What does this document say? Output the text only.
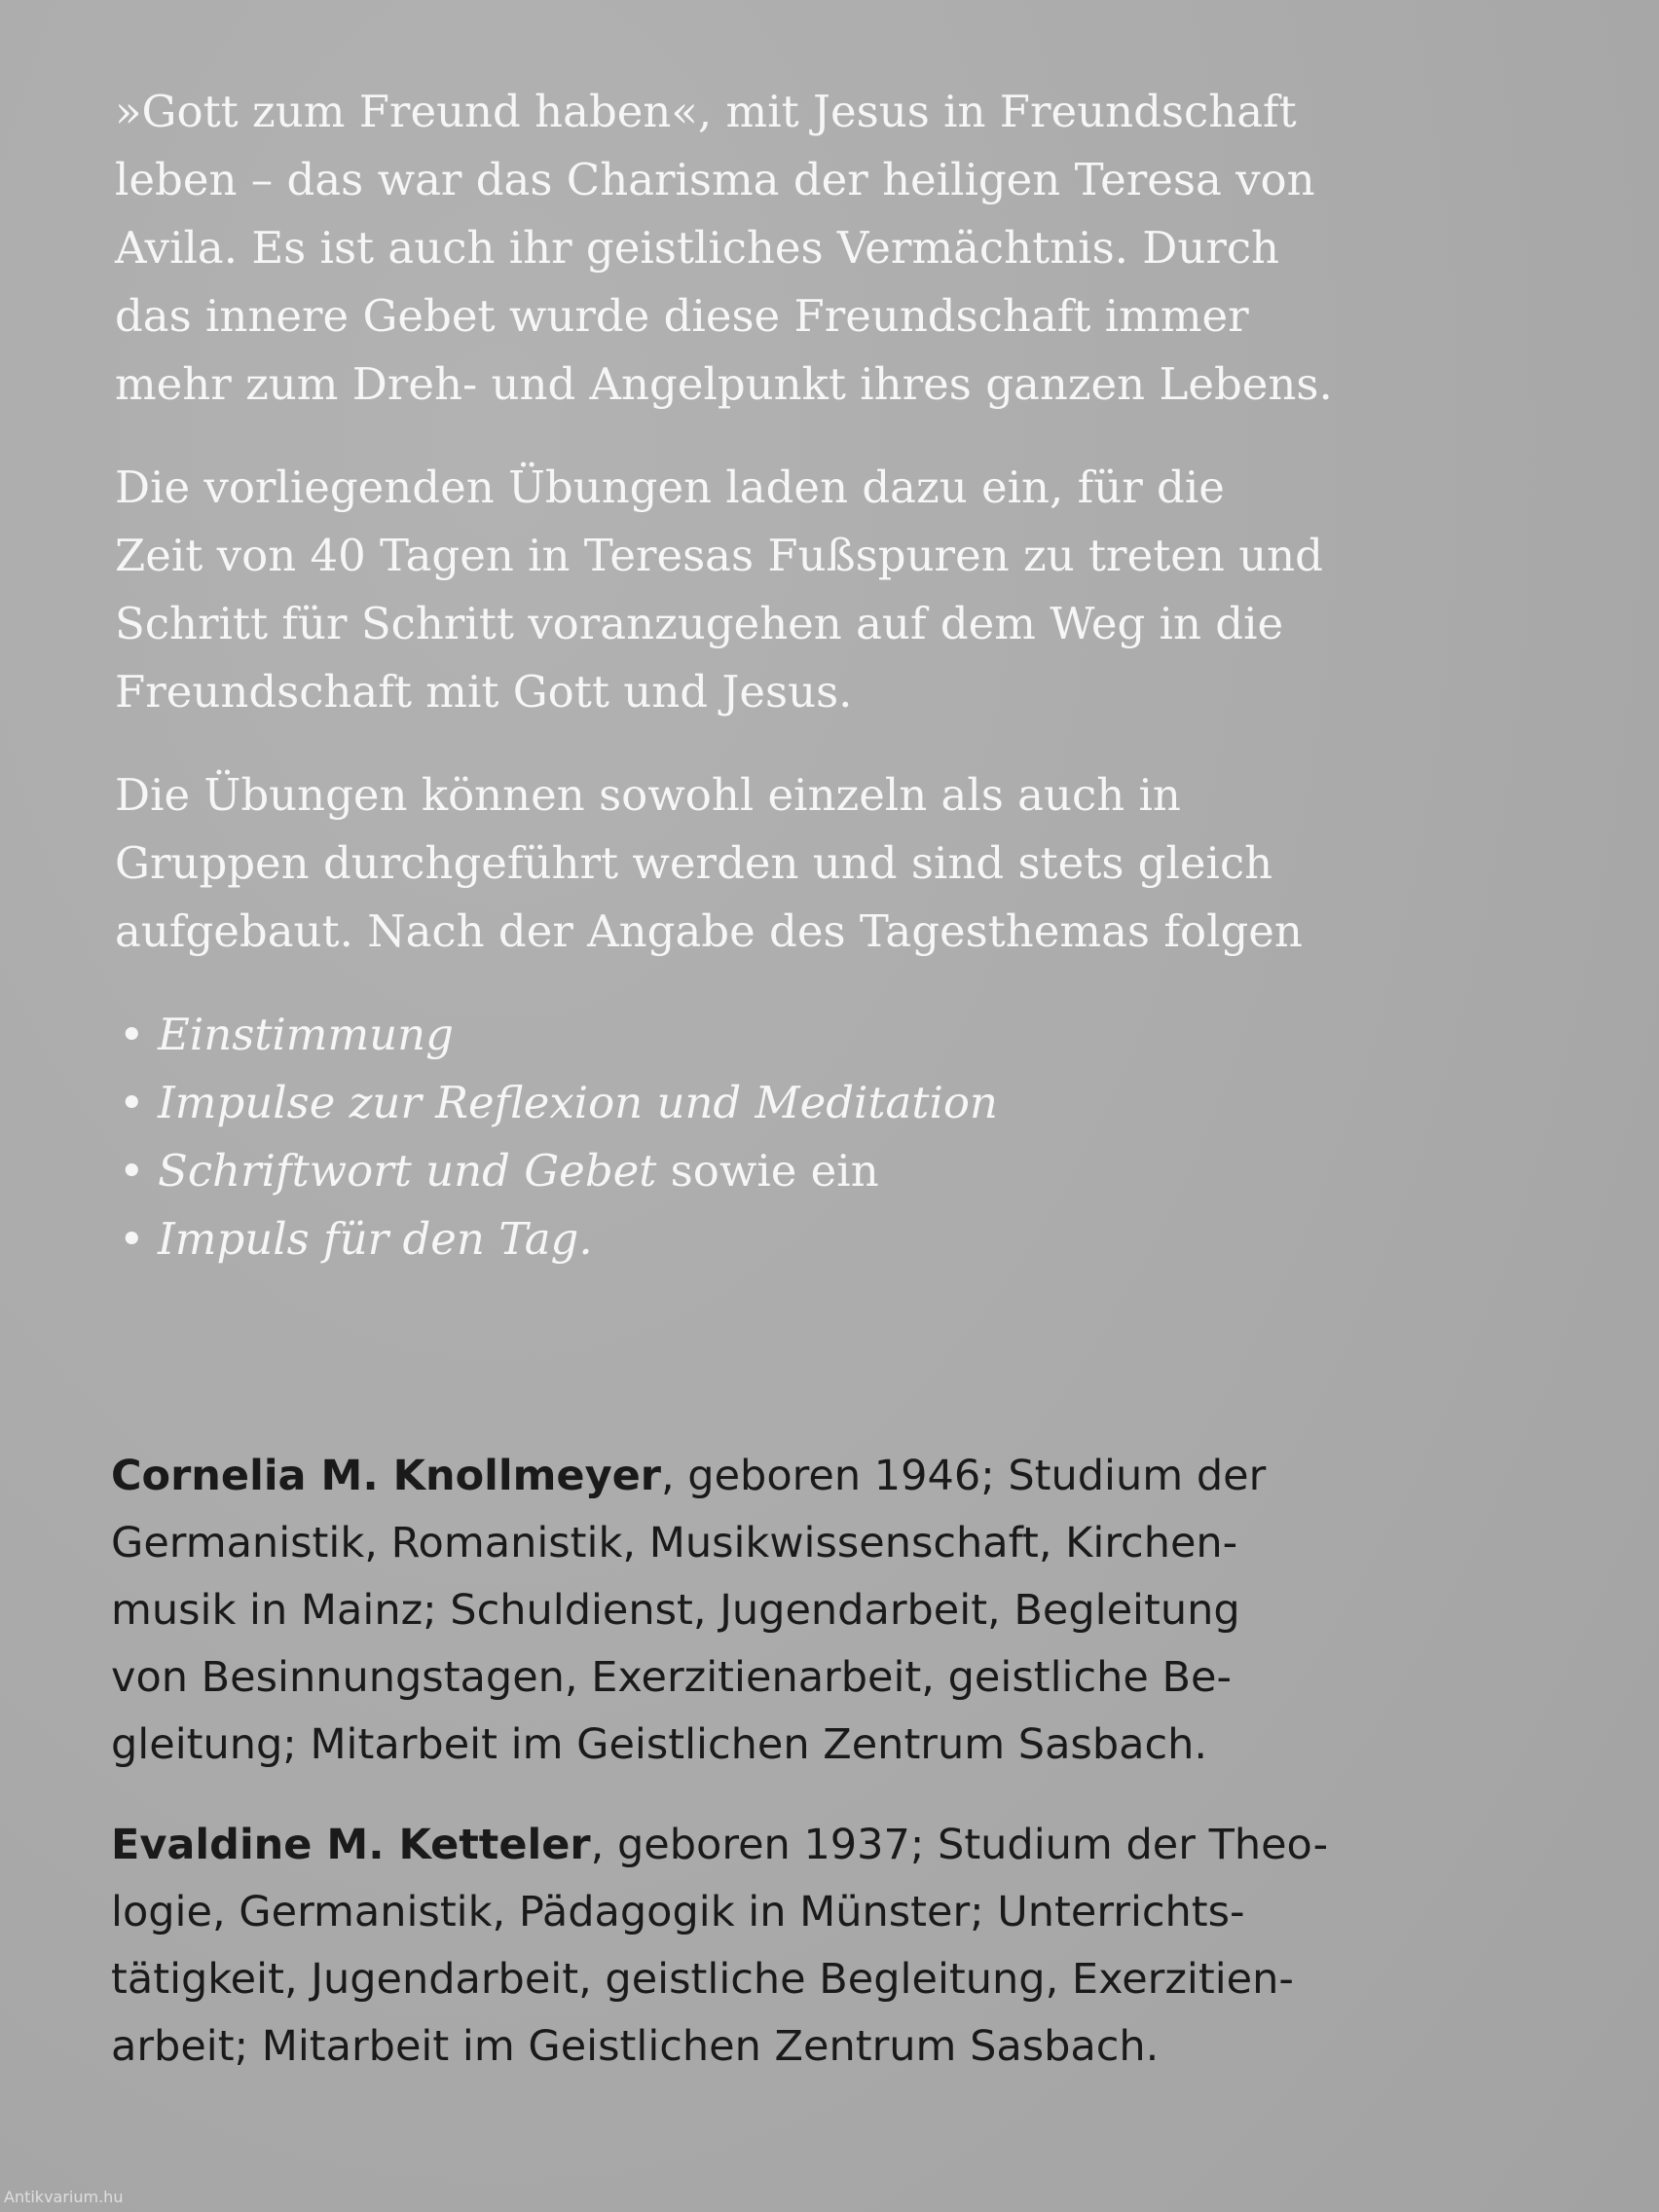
»Gott zum Freund haben«, mit Jesus in Freundschaft
leben – das war das Charisma der heiligen Teresa von
Avila. Es ist auch ihr geistliches Vermächtnis. Durch
das innere Gebet wurde diese Freundschaft immer
mehr zum Dreh- und Angelpunkt ihres ganzen Lebens.

Die vorliegenden Übungen laden dazu ein, für die
Zeit von 40 Tagen in Teresas Fußspuren zu treten und
Schritt für Schritt voranzugehen auf dem Weg in die
Freundschaft mit Gott und Jesus.

Die Übungen können sowohl einzeln als auch in
Gruppen durchgeführt werden und sind stets gleich
aufgebaut. Nach der Angabe des Tagesthemas folgen

• Einstimmung
• Impulse zur Reflexion und Meditation
• Schriftwort und Gebet sowie ein
• Impuls für den Tag.

Cornelia M. Knollmeyer, geboren 1946; Studium der
Germanistik, Romanistik, Musikwissenschaft, Kirchen-
musik in Mainz; Schuldienst, Jugendarbeit, Begleitung
von Besinnungstagen, Exerzitienarbeit, geistliche Be-
gleitung; Mitarbeit im Geistlichen Zentrum Sasbach.

Evaldine M. Ketteler, geboren 1937; Studium der Theo-
logie, Germanistik, Pädagogik in Münster; Unterrichts-
tätigkeit, Jugendarbeit, geistliche Begleitung, Exerzitien-
arbeit; Mitarbeit im Geistlichen Zentrum Sasbach.

Antikvarium.hu
